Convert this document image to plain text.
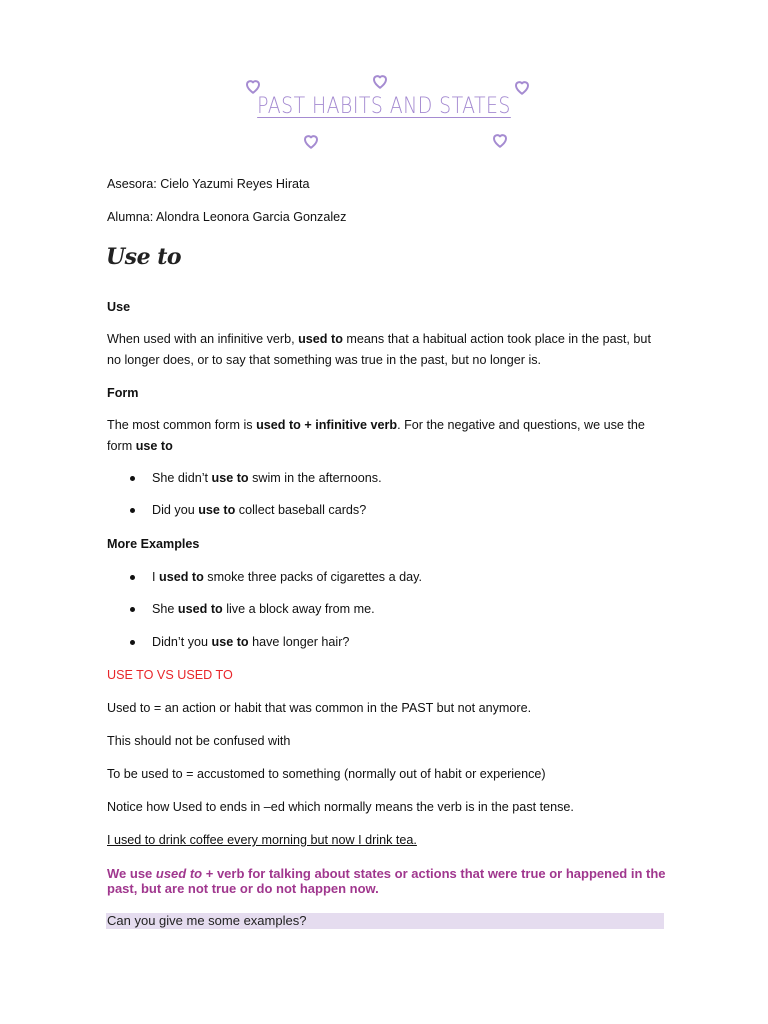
PAST HABITS AND STATES
Asesora: Cielo Yazumi Reyes Hirata
Alumna: Alondra Leonora Garcia Gonzalez
Use to
Use
When used with an infinitive verb, used to means that a habitual action took place in the past, but no longer does, or to say that something was true in the past, but no longer is.
Form
The most common form is used to + infinitive verb. For the negative and questions, we use the form use to
She didn’t use to swim in the afternoons.
Did you use to collect baseball cards?
More Examples
I used to smoke three packs of cigarettes a day.
She used to live a block away from me.
Didn’t you use to have longer hair?
USE TO VS USED TO
Used to = an action or habit that was common in the PAST but not anymore.
This should not be confused with
To be used to = accustomed to something (normally out of habit or experience)
Notice how Used to ends in –ed which normally means the verb is in the past tense.
I used to drink coffee every morning but now I drink tea.
We use used to + verb for talking about states or actions that were true or happened in the past, but are not true or do not happen now.
Can you give me some examples?
